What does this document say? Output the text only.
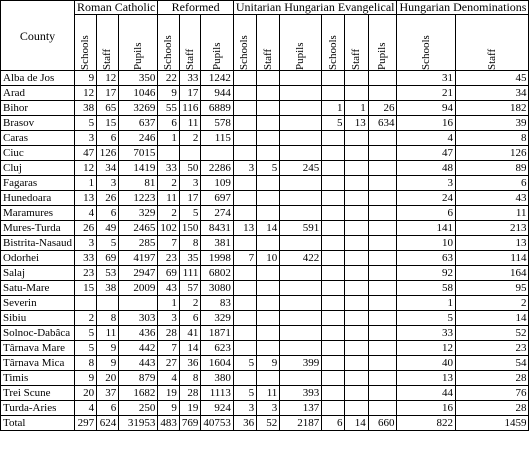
County	Roman Catholic			Reformed			Unitarian Hungarian Evangelical						Hungarian Denominations	

	Schools	Staff	Pupils	Schools	Staff	Pupils	Schools	Staff	Pupils	Schools	Staff	Pupils	Schools	Staff

Alba de Jos	9	12	350	22	33	1242							31	45
Arad	12	17	1046	9	17	944							21	34
Bihor	38	65	3269	55	116	6889				1	1	26	94	182
Brasov	5	15	637	6	11	578				5	13	634	16	39
Caras	3	6	246	1	2	115							4	8
Ciuc	47	126	7015										47	126
Cluj	12	34	1419	33	50	2286	3	5	245				48	89
Fagaras	1	3	81	2	3	109							3	6
Hunedoara	13	26	1223	11	17	697							24	43
Maramures	4	6	329	2	5	274							6	11
Mures-Turda	26	49	2465	102	150	8431	13	14	591				141	213
Bistrita-Nasaud	3	5	285	7	8	381							10	13
Odorhei	33	69	4197	23	35	1998	7	10	422				63	114
Salaj	23	53	2947	69	111	6802							92	164
Satu-Mare	15	38	2009	43	57	3080							58	95
Severin				1	2	83							1	2
Sibiu	2	8	303	3	6	329							5	14
Solnoc-Dabâca	5	11	436	28	41	1871							33	52
Târnava Mare	5	9	442	7	14	623							12	23
Târnava Mica	8	9	443	27	36	1604	5	9	399				40	54
Timis	9	20	879	4	8	380							13	28
Trei Scune	20	37	1682	19	28	1113	5	11	393				44	76
Turda-Aries	4	6	250	9	19	924	3	3	137				16	28
Total	297	624	31953	483	769	40753	36	52	2187	6	14	660	822	1459
